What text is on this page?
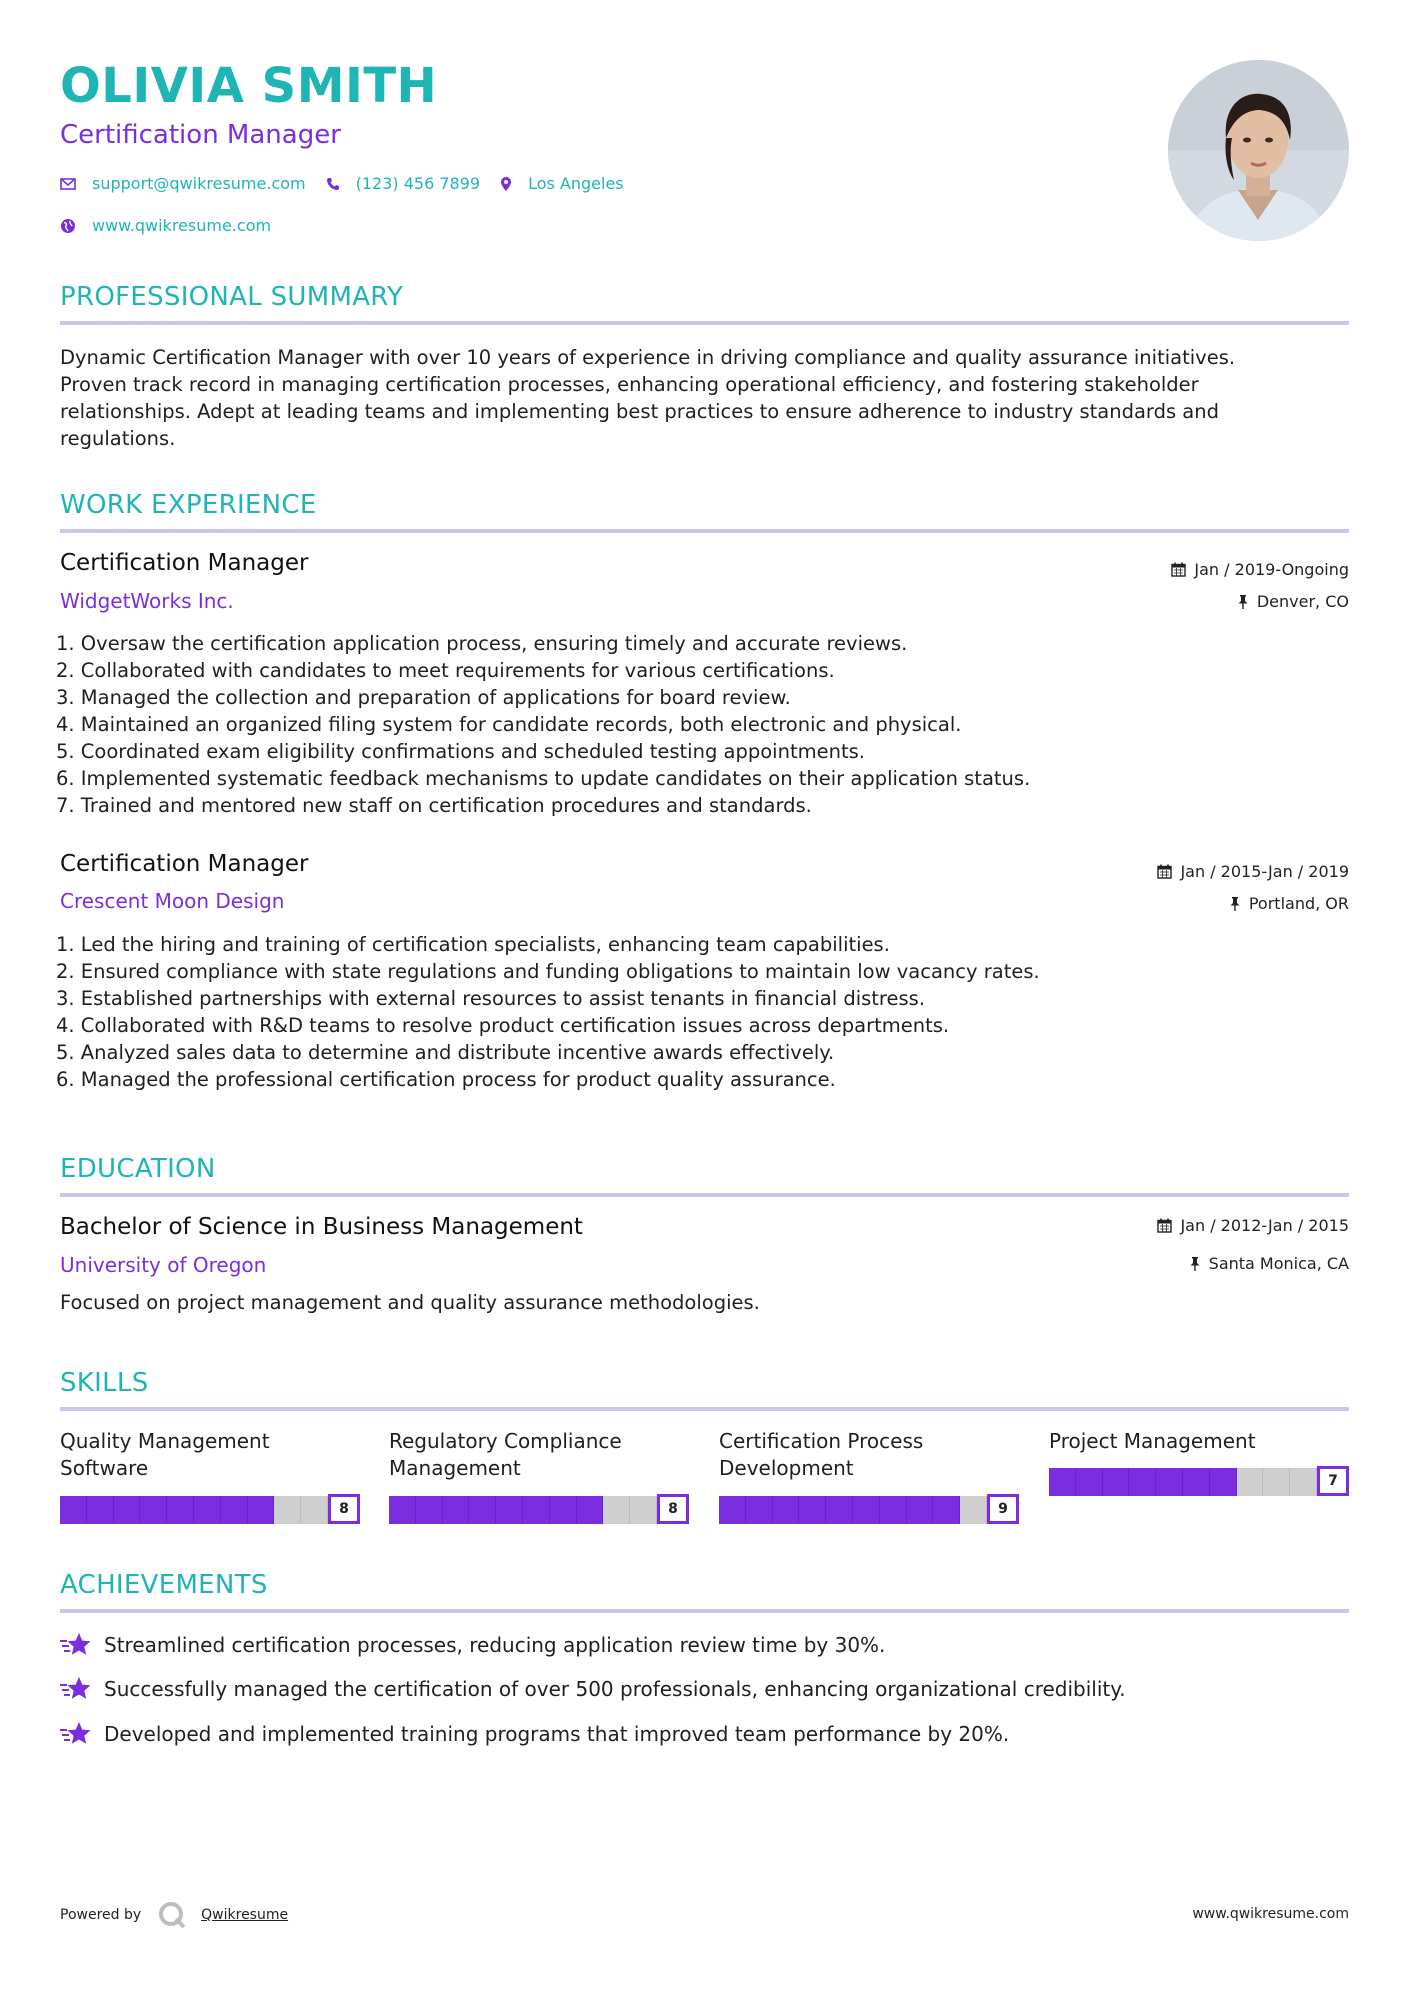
OLIVIA SMITH
Certification Manager
support@qwikresume.com	(123) 456 7899	Los Angeles
www.qwikresume.com
PROFESSIONAL SUMMARY
Dynamic Certification Manager with over 10 years of experience in driving compliance and quality assurance initiatives.
Proven track record in managing certification processes, enhancing operational efficiency, and fostering stakeholder
relationships. Adept at leading teams and implementing best practices to ensure adherence to industry standards and
regulations.
WORK EXPERIENCE
Certification Manager
WidgetWorks Inc.
Jan / 2019-Ongoing
Denver, CO
1. Oversaw the certification application process, ensuring timely and accurate reviews.
2. Collaborated with candidates to meet requirements for various certifications.
3. Managed the collection and preparation of applications for board review.
4. Maintained an organized filing system for candidate records, both electronic and physical.
5. Coordinated exam eligibility confirmations and scheduled testing appointments.
6. Implemented systematic feedback mechanisms to update candidates on their application status.
7. Trained and mentored new staff on certification procedures and standards.
Certification Manager
Crescent Moon Design
Jan / 2015-Jan / 2019
Portland, OR
1. Led the hiring and training of certification specialists, enhancing team capabilities.
2. Ensured compliance with state regulations and funding obligations to maintain low vacancy rates.
3. Established partnerships with external resources to assist tenants in financial distress.
4. Collaborated with R&D teams to resolve product certification issues across departments.
5. Analyzed sales data to determine and distribute incentive awards effectively.
6. Managed the professional certification process for product quality assurance.
EDUCATION
Bachelor of Science in Business Management
University of Oregon
Jan / 2012-Jan / 2015
Santa Monica, CA
Focused on project management and quality assurance methodologies.
SKILLS
Quality Management
Software
8
Regulatory Compliance
Management
8
Certification Process
Development
9
Project Management
7
ACHIEVEMENTS
Streamlined certification processes, reducing application review time by 30%.
Successfully managed the certification of over 500 professionals, enhancing organizational credibility.
Developed and implemented training programs that improved team performance by 20%.
Powered by	Qwikresume	www.qwikresume.com
